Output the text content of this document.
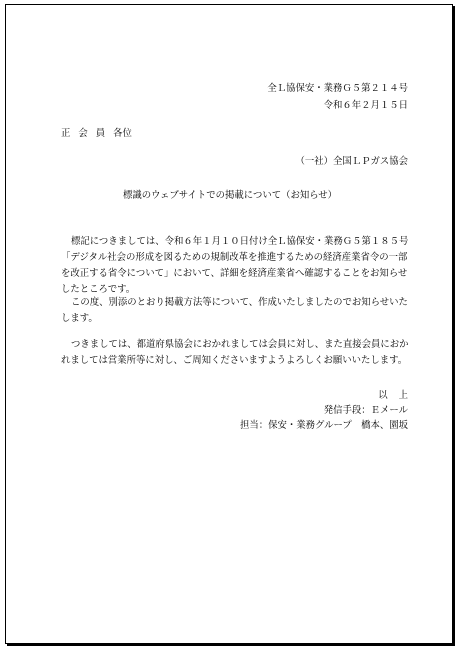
全Ｌ協保安・業務Ｇ５第２１４号
令和６年２月１５日
正 会 員 各位
（一社）全国ＬＰガス協会
標識のウェブサイトでの掲載について（お知らせ）

標記につきましては、令和６年１月１０日付け全Ｌ協保安・業務Ｇ５第１８５号「デジタル社会の形成を図るための規制改革を推進するための経済産業省令の一部を改正する省令について」において、詳細を経済産業省へ確認することをお知らせしたところです。

この度、別添のとおり掲載方法等について、作成いたしましたのでお知らせいたします。

つきましては、都道府県協会におかれましては会員に対し、また直接会員におかれましては営業所等に対し、ご周知くださいますようよろしくお願いいたします。

以 上
発信手段：Ｅメール
担当：保安・業務グループ　橋本、園坂
